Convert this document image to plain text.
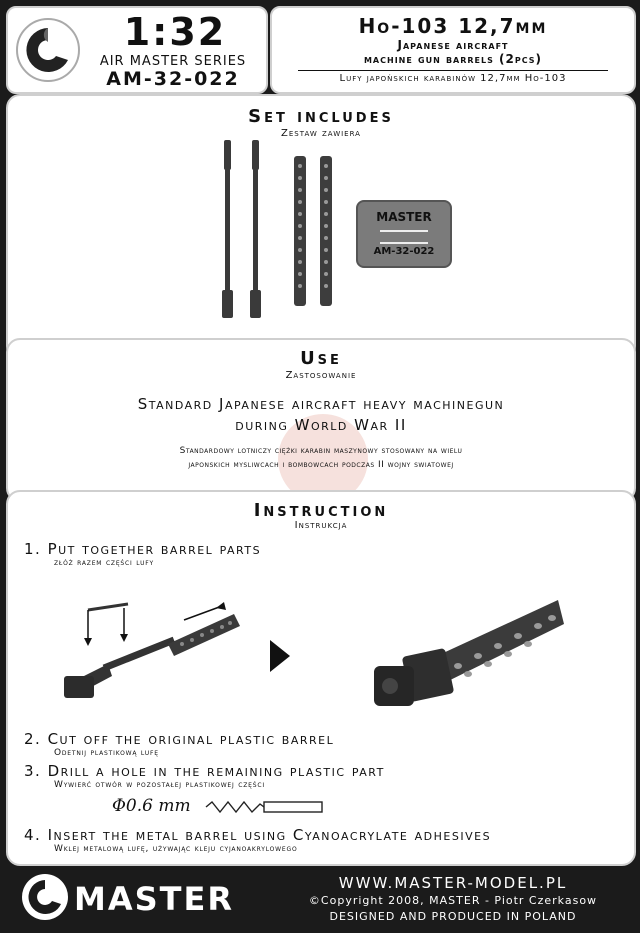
1:32
AIR MASTER SERIES
AM-32-022
Ho-103 12,7mm
Japanese aircraft
machine gun barrels (2pcs)
Lufy japońskich karabinów 12,7mm Ho-103
Set includes
Zestaw zawiera
MASTER
AM-32-022
Use
Zastosowanie
Standard Japanese aircraft heavy machinegun
during World War II
Standardowy lotniczy ciężki karabin maszynowy stosowany na wielu
japonskich mysliwcach i bombowcach podczas II wojny swiatowej
Instruction
Instrukcja
1. Put together barrel parts
złóż razem części lufy
2. Cut off the original plastic barrel
Odetnij plastikową lufę
3. Drill a hole in the remaining plastic part
Wywierć otwór w pozostałej plastikowej części
Φ0.6 mm
4. Insert the metal barrel using Cyanoacrylate adhesives
Wklej metalową lufę, używając kleju cyjanoakrylowego
MASTER	WWW.MASTER-MODEL.PL
©Copyright 2008, MASTER - Piotr Czerkasow
DESIGNED AND PRODUCED IN POLAND
